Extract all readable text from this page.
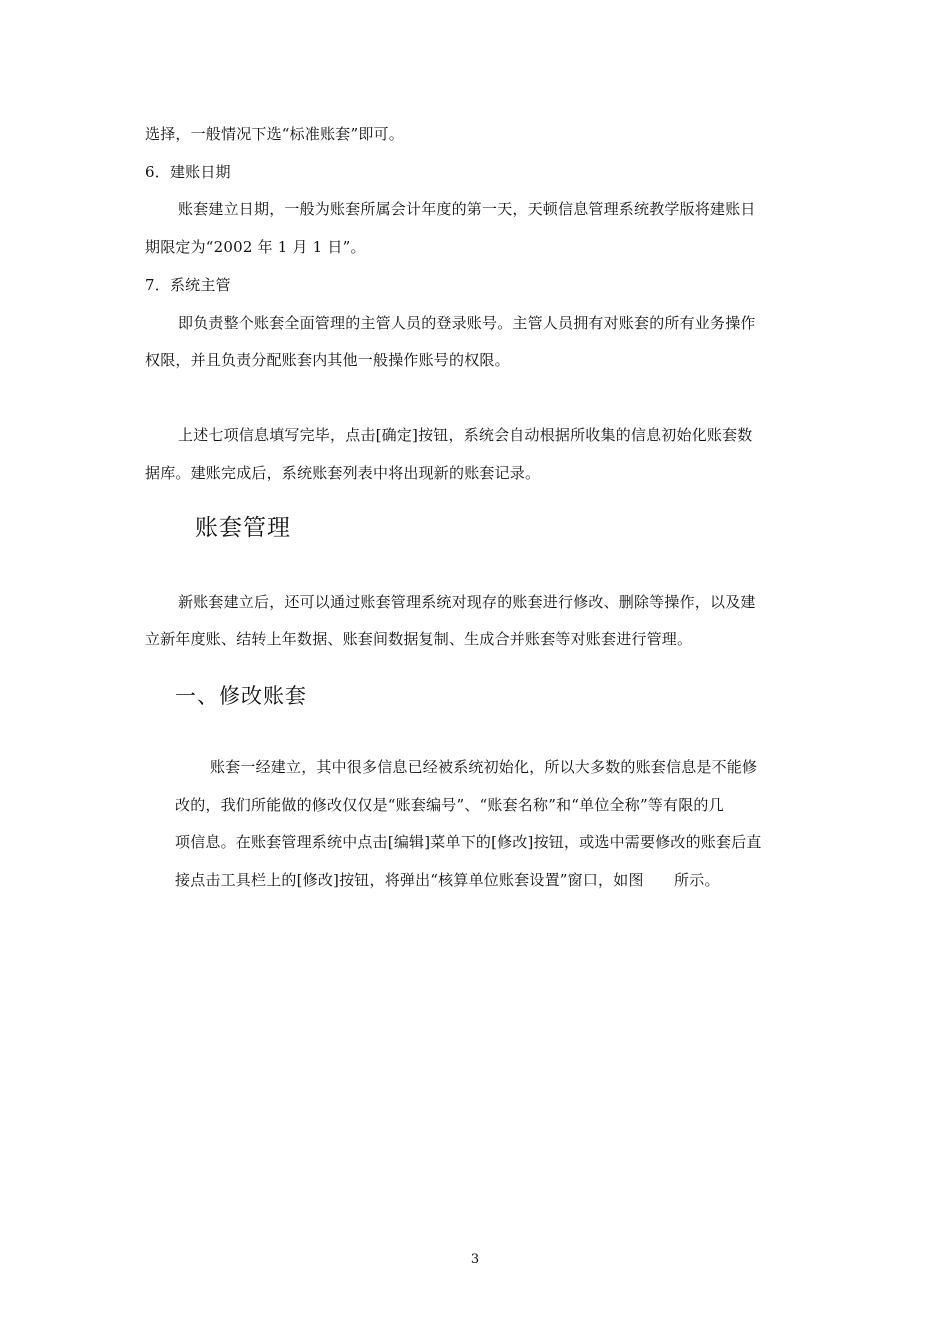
选择，一般情况下选“标准账套”即可。
6．建账日期
账套建立日期，一般为账套所属会计年度的第一天，天顿信息管理系统教学版将建账日
期限定为“2002 年 1 月 1 日”。
7．系统主管
即负责整个账套全面管理的主管人员的登录账号。主管人员拥有对账套的所有业务操作
权限，并且负责分配账套内其他一般操作账号的权限。
上述七项信息填写完毕，点击[确定]按钮，系统会自动根据所收集的信息初始化账套数
据库。建账完成后，系统账套列表中将出现新的账套记录。
账套管理
新账套建立后，还可以通过账套管理系统对现存的账套进行修改、删除等操作，以及建
立新年度账、结转上年数据、账套间数据复制、生成合并账套等对账套进行管理。
一、修改账套
账套一经建立，其中很多信息已经被系统初始化，所以大多数的账套信息是不能修
改的，我们所能做的修改仅仅是“账套编号”、“账套名称”和“单位全称”等有限的几
项信息。在账套管理系统中点击[编辑]菜单下的[修改]按钮，或选中需要修改的账套后直
接点击工具栏上的[修改]按钮，将弹出“核算单位账套设置”窗口，如图　　所示。
3
